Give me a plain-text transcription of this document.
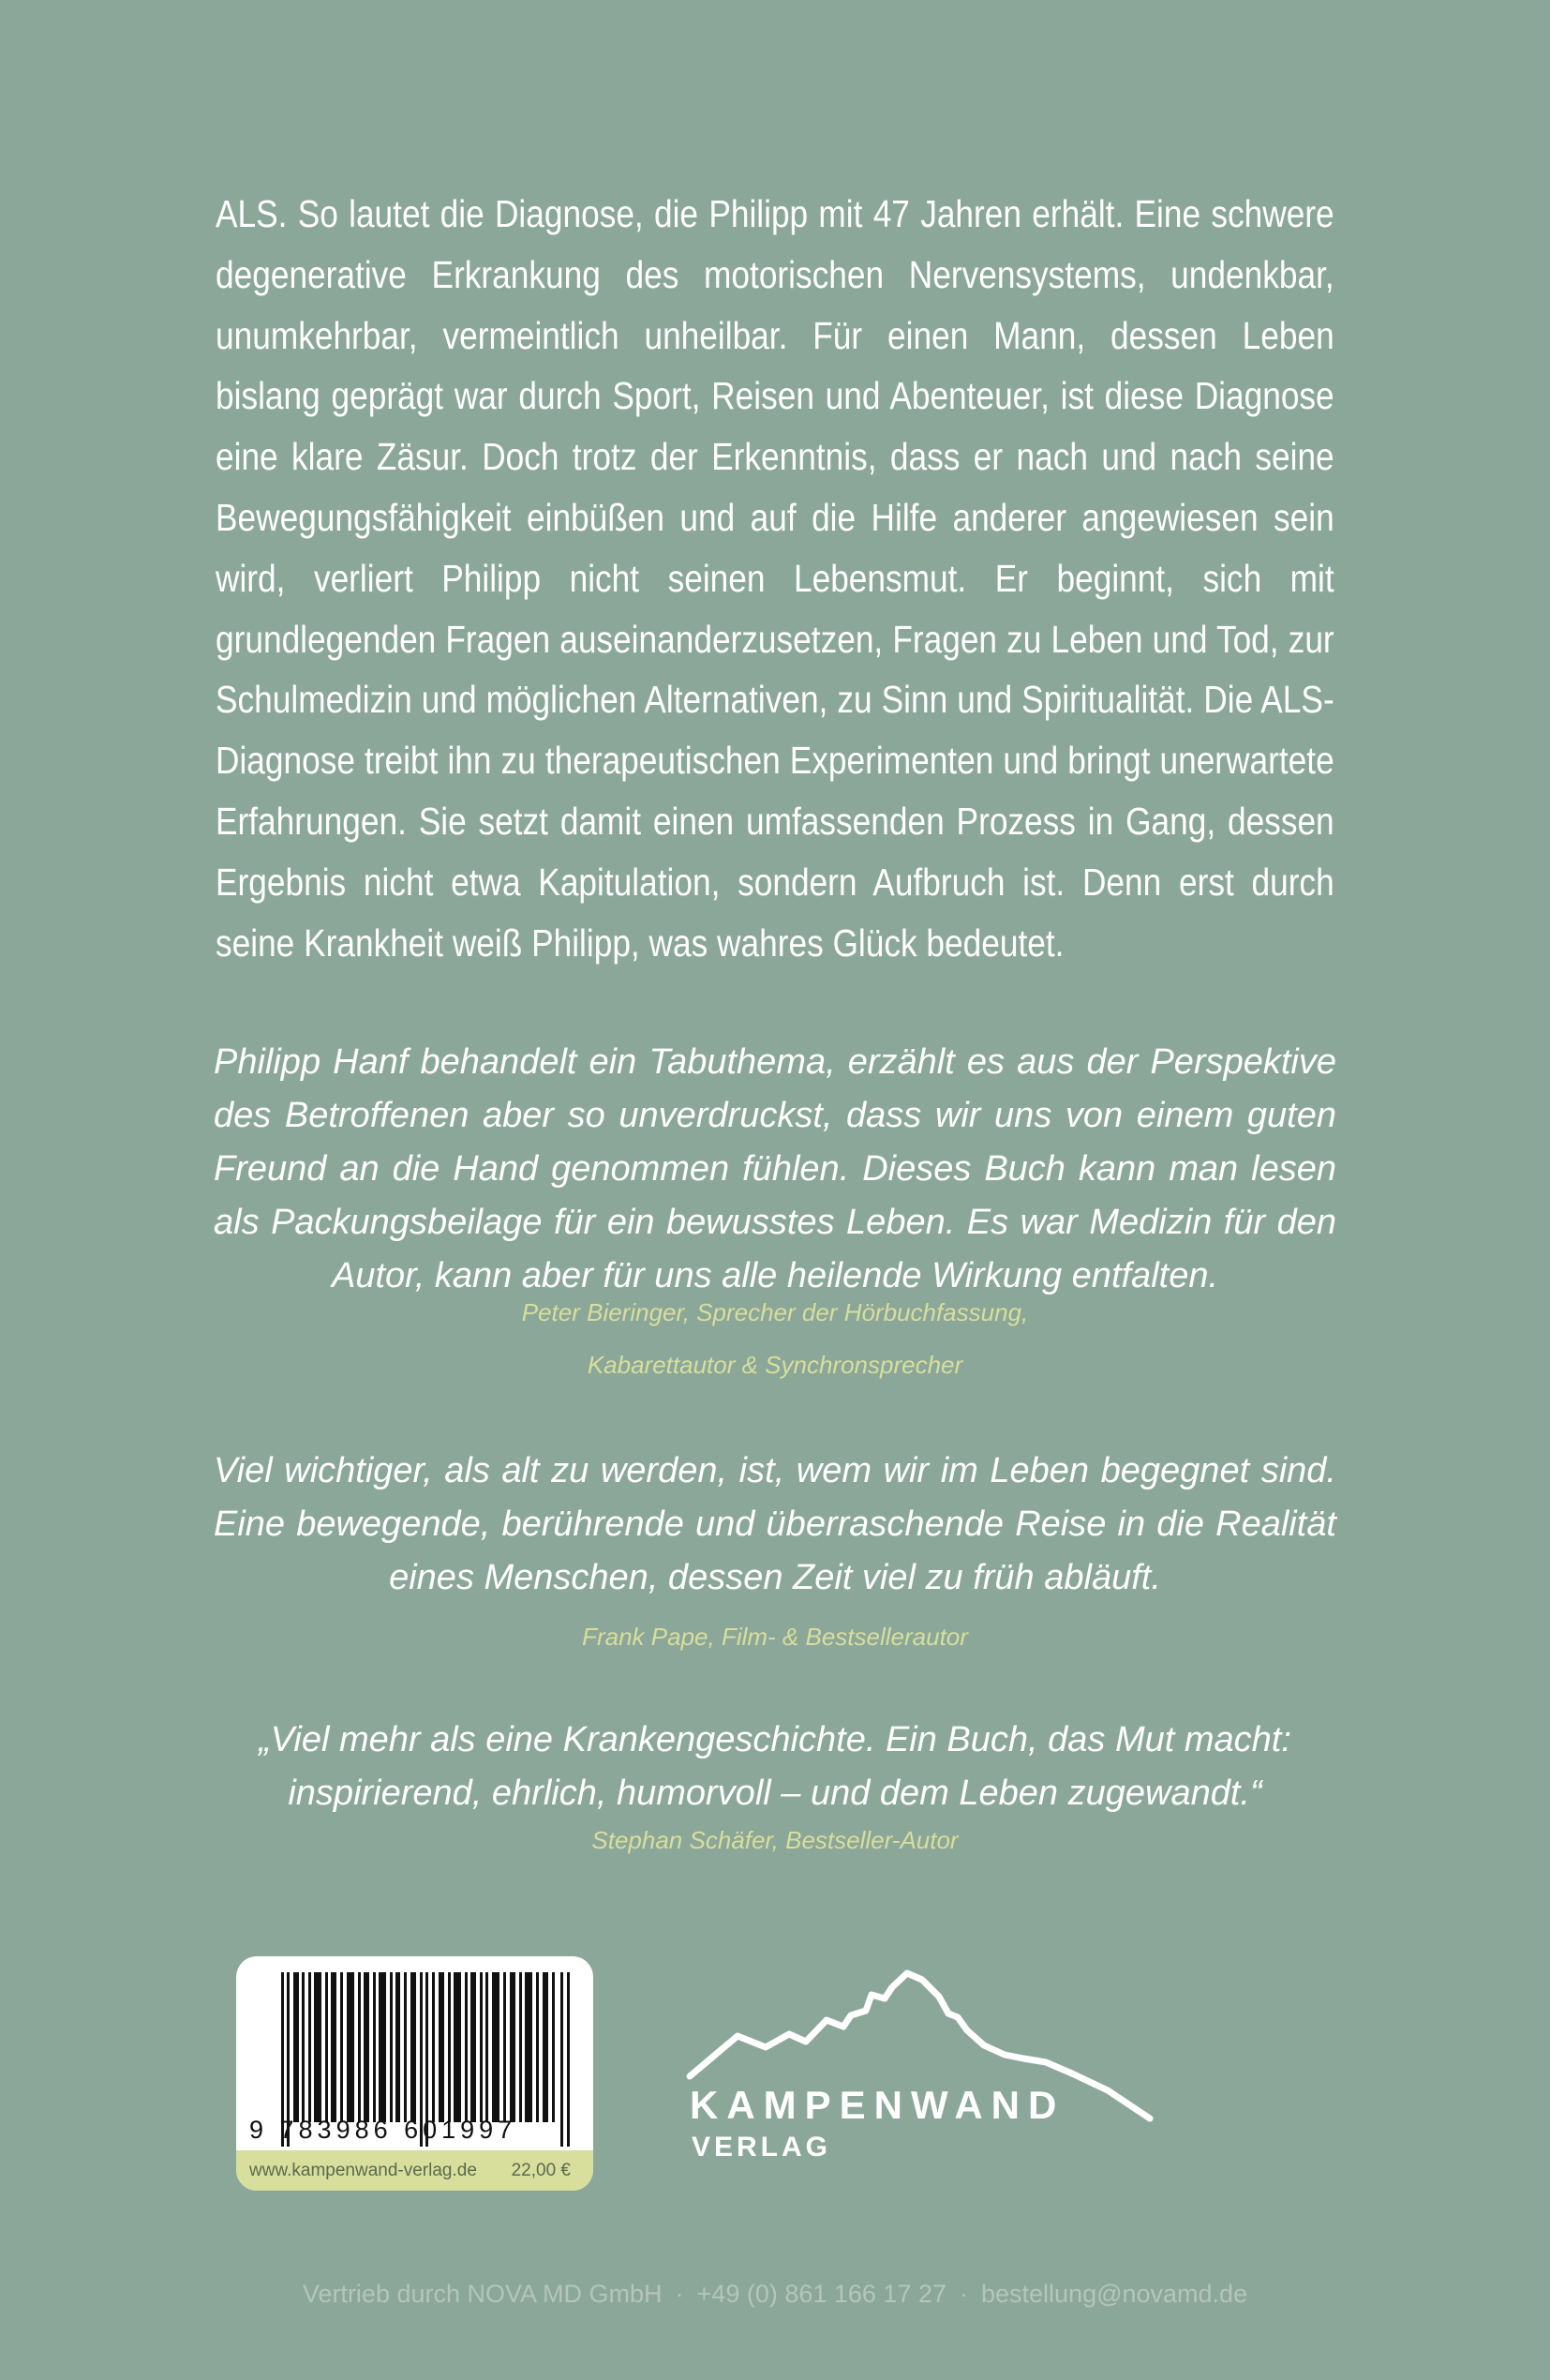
ALS. So lautet die Diagnose, die Philipp mit 47 Jahren erhält. Eine schwere degenerative Erkrankung des motorischen Nervensystems, undenkbar, unumkehrbar, vermeintlich unheilbar. Für einen Mann, dessen Leben bislang geprägt war durch Sport, Reisen und Abenteuer, ist diese Diagnose eine klare Zäsur. Doch trotz der Erkenntnis, dass er nach und nach seine Bewegungsfähigkeit einbüßen und auf die Hilfe anderer angewiesen sein wird, verliert Philipp nicht seinen Lebensmut. Er beginnt, sich mit grundlegenden Fragen auseinanderzusetzen, Fragen zu Leben und Tod, zur Schulmedizin und möglichen Alternativen, zu Sinn und Spiritualität. Die ALS- Diagnose treibt ihn zu therapeutischen Experimenten und bringt unerwartete Erfahrungen. Sie setzt damit einen umfassenden Prozess in Gang, dessen Ergebnis nicht etwa Kapitulation, sondern Aufbruch ist. Denn erst durch seine Krankheit weiß Philipp, was wahres Glück bedeutet.
Philipp Hanf behandelt ein Tabuthema, erzählt es aus der Perspektive des Betroffenen aber so unverdruckst, dass wir uns von einem guten Freund an die Hand genommen fühlen. Dieses Buch kann man lesen als Packungsbeilage für ein bewusstes Leben. Es war Medizin für den Autor, kann aber für uns alle heilende Wirkung entfalten.
Peter Bieringer, Sprecher der Hörbuchfassung,
Kabarettautor & Synchronsprecher
Viel wichtiger, als alt zu werden, ist, wem wir im Leben begegnet sind. Eine bewegende, berührende und überraschende Reise in die Realität eines Menschen, dessen Zeit viel zu früh abläuft.
Frank Pape, Film- & Bestsellerautor
„Viel mehr als eine Krankengeschichte. Ein Buch, das Mut macht: inspirierend, ehrlich, humorvoll – und dem Leben zugewandt.“
Stephan Schäfer, Bestseller-Autor
9 783986 601997
www.kampenwand-verlag.de 22,00 €
KAMPENWAND
VERLAG
Vertrieb durch NOVA MD GmbH · +49 (0) 861 166 17 27 · bestellung@novamd.de
